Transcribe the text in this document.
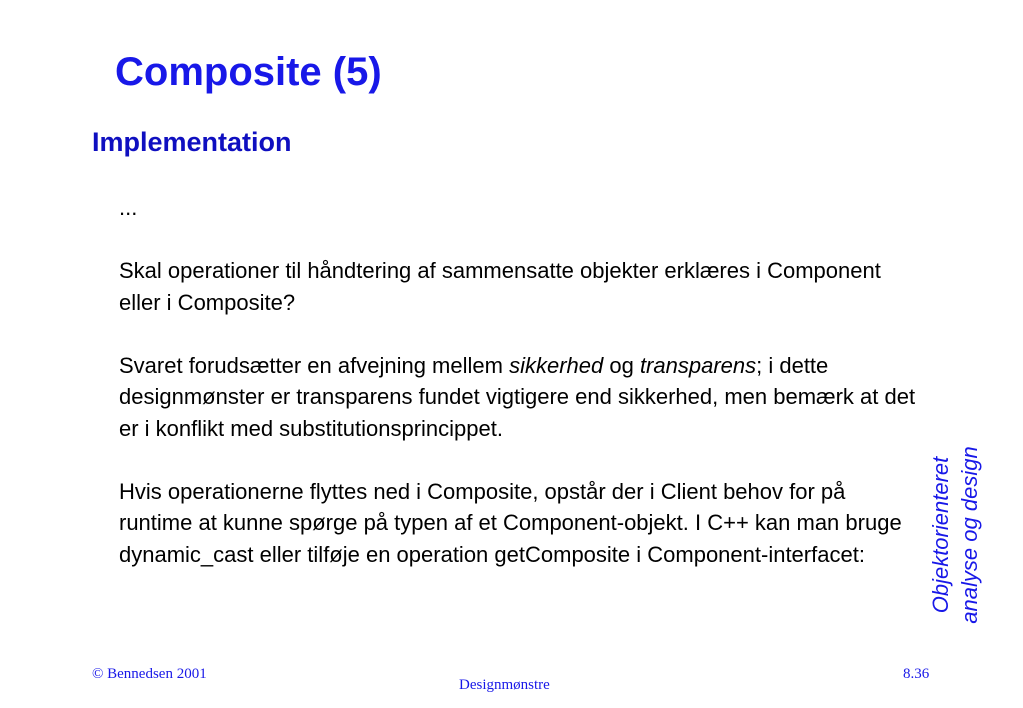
Composite (5)
Implementation

...

Skal operationer til håndtering af sammensatte objekter erklæres i Component eller i Composite?

Svaret forudsætter en afvejning mellem sikkerhed og transparens; i dette designmønster er transparens fundet vigtigere end sikkerhed, men bemærk at det er i konflikt med substitutionsprincippet.

Hvis operationerne flyttes ned i Composite, opstår der i Client behov for på runtime at kunne spørge på typen af et Component-objekt. I C++ kan man bruge dynamic_cast eller tilføje en operation getComposite i Component-interfacet:	Objektorienteret analyse og design
© Bennedsen 2001
Designmønstre
8.36
